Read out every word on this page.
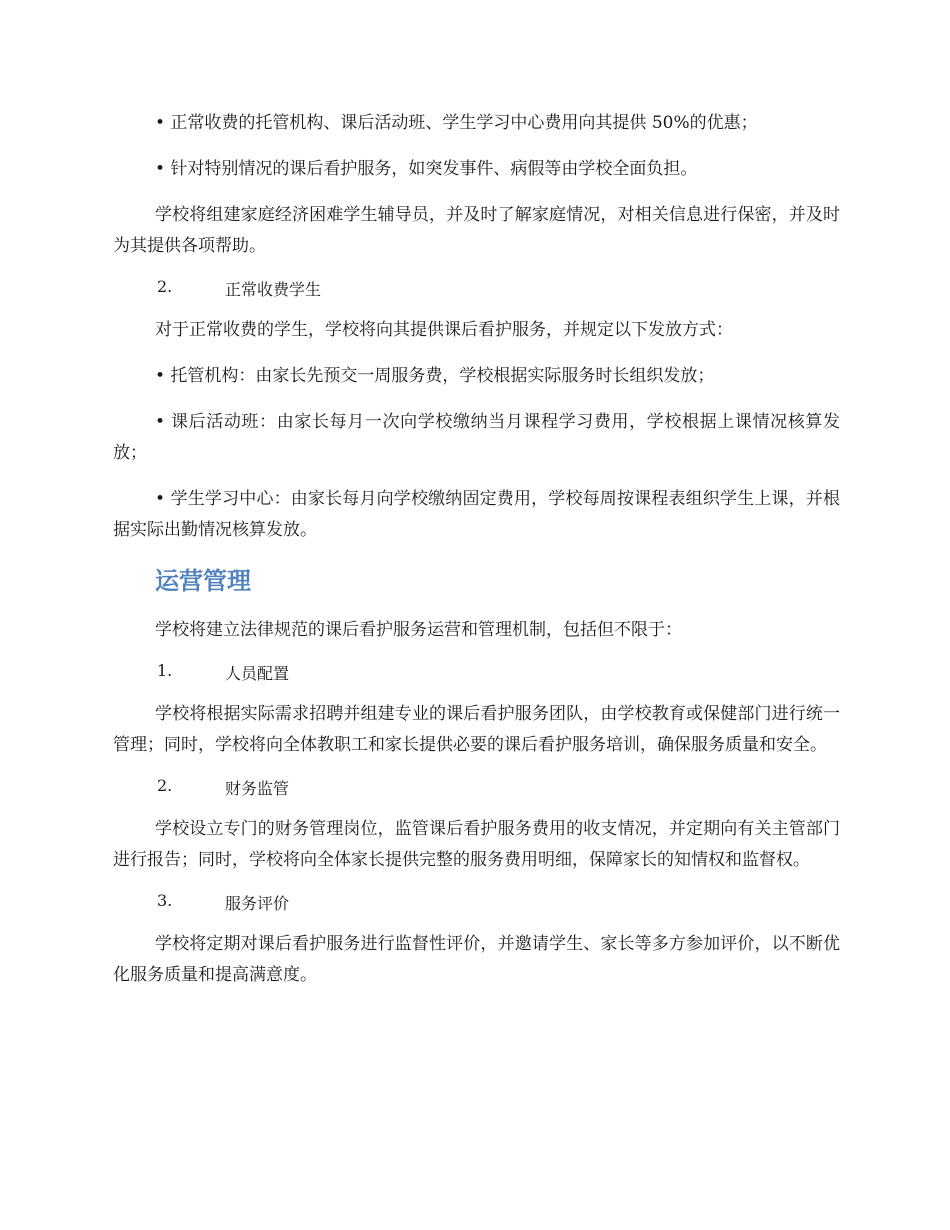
• 正常收费的托管机构、课后活动班、学生学习中心费用向其提供 50%的优惠；

• 针对特别情况的课后看护服务，如突发事件、病假等由学校全面负担。

学校将组建家庭经济困难学生辅导员，并及时了解家庭情况，对相关信息进行保密，并及时为其提供各项帮助。

2.	正常收费学生

对于正常收费的学生，学校将向其提供课后看护服务，并规定以下发放方式：

• 托管机构：由家长先预交一周服务费，学校根据实际服务时长组织发放；

• 课后活动班：由家长每月一次向学校缴纳当月课程学习费用，学校根据上课情况核算发放；

• 学生学习中心：由家长每月向学校缴纳固定费用，学校每周按课程表组织学生上课，并根据实际出勤情况核算发放。

运营管理

学校将建立法律规范的课后看护服务运营和管理机制，包括但不限于：

1.	人员配置

学校将根据实际需求招聘并组建专业的课后看护服务团队，由学校教育或保健部门进行统一管理；同时，学校将向全体教职工和家长提供必要的课后看护服务培训，确保服务质量和安全。

2.	财务监管

学校设立专门的财务管理岗位，监管课后看护服务费用的收支情况，并定期向有关主管部门进行报告；同时，学校将向全体家长提供完整的服务费用明细，保障家长的知情权和监督权。

3.	服务评价

学校将定期对课后看护服务进行监督性评价，并邀请学生、家长等多方参加评价，以不断优化服务质量和提高满意度。
